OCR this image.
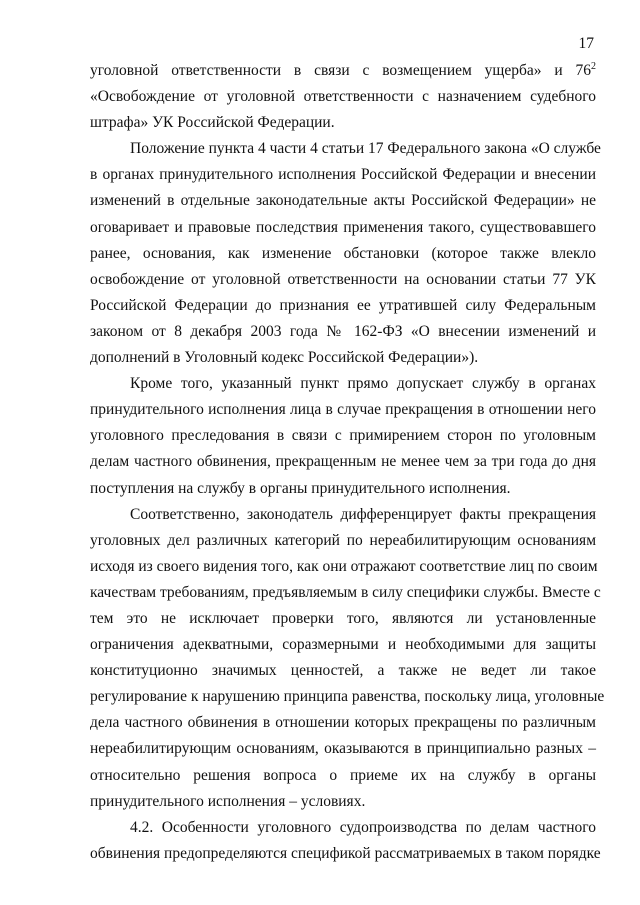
17
уголовной ответственности в связи с возмещением ущерба» и $76^2$
«Освобождение от уголовной ответственности с назначением судебного
штрафа» УК Российской Федерации.
Положение пункта 4 части 4 статьи 17 Федерального закона «О службе
в органах принудительного исполнения Российской Федерации и внесении
изменений в отдельные законодательные акты Российской Федерации» не
оговаривает и правовые последствия применения такого, существовавшего
ранее, основания, как изменение обстановки (которое также влекло
освобождение от уголовной ответственности на основании статьи 77 УК
Российской Федерации до признания ее утратившей силу Федеральным
законом от 8 декабря 2003 года № 162-ФЗ «О внесении изменений и
дополнений в Уголовный кодекс Российской Федерации»).
Кроме того, указанный пункт прямо допускает службу в органах
принудительного исполнения лица в случае прекращения в отношении него
уголовного преследования в связи с примирением сторон по уголовным
делам частного обвинения, прекращенным не менее чем за три года до дня
поступления на службу в органы принудительного исполнения.
Соответственно, законодатель дифференцирует факты прекращения
уголовных дел различных категорий по нереабилитирующим основаниям
исходя из своего видения того, как они отражают соответствие лиц по своим
качествам требованиям, предъявляемым в силу специфики службы. Вместе с
тем это не исключает проверки того, являются ли установленные
ограничения адекватными, соразмерными и необходимыми для защиты
конституционно значимых ценностей, а также не ведет ли такое
регулирование к нарушению принципа равенства, поскольку лица, уголовные
дела частного обвинения в отношении которых прекращены по различным
нереабилитирующим основаниям, оказываются в принципиально разных –
относительно решения вопроса о приеме их на службу в органы
принудительного исполнения – условиях.
4.2. Особенности уголовного судопроизводства по делам частного
обвинения предопределяются спецификой рассматриваемых в таком порядке
